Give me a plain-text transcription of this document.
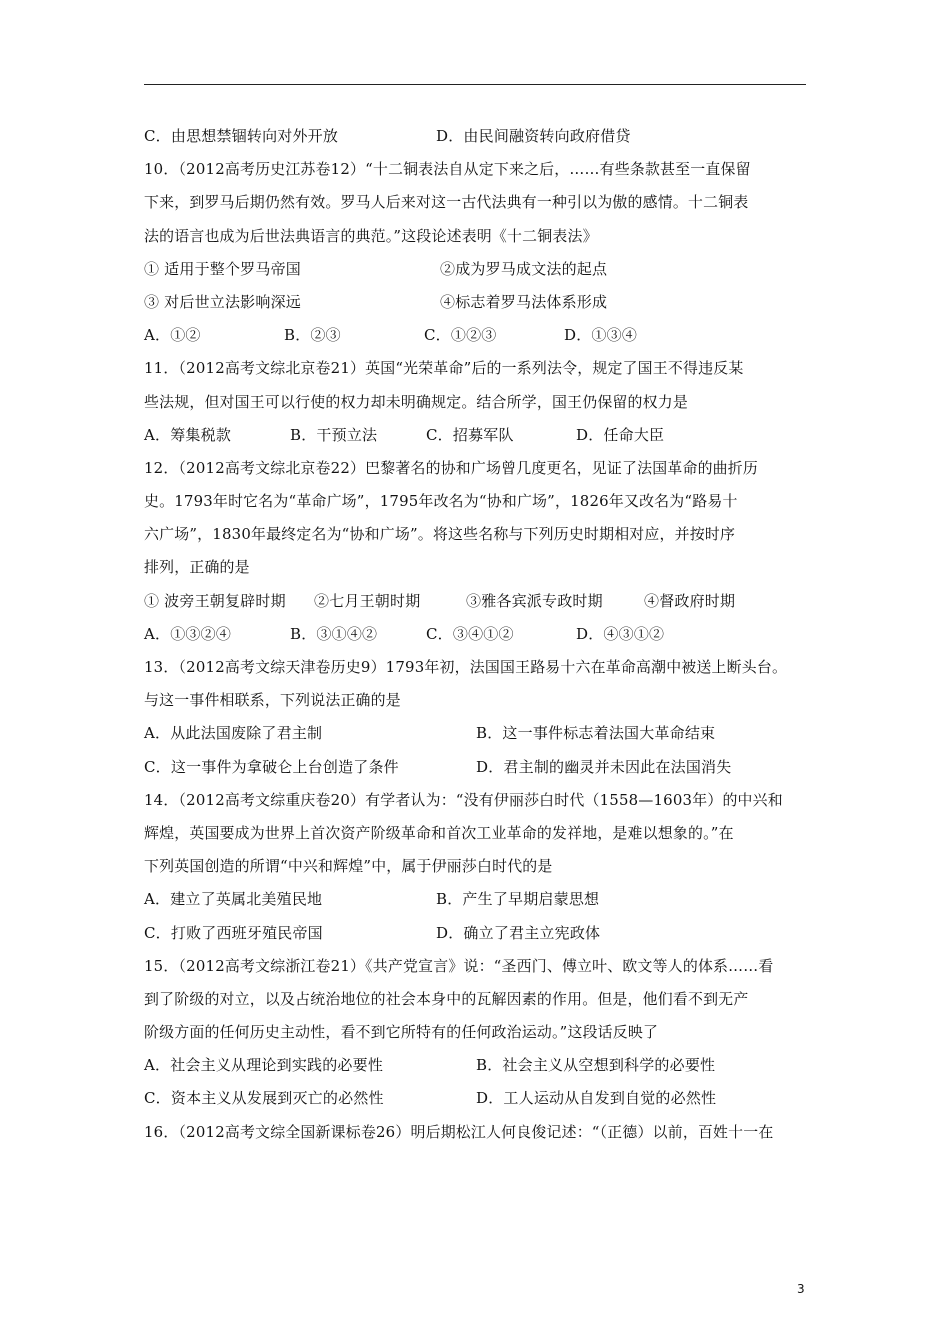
C．由思想禁锢转向对外开放	D．由民间融资转向政府借贷
10．（2012高考历史江苏卷12）“十二铜表法自从定下来之后，……有些条款甚至一直保留
下来，到罗马后期仍然有效。罗马人后来对这一古代法典有一种引以为傲的感情。十二铜表
法的语言也成为后世法典语言的典范。”这段论述表明《十二铜表法》
① 适用于整个罗马帝国	②成为罗马成文法的起点
③ 对后世立法影响深远	④标志着罗马法体系形成
A．①②	B．②③	C．①②③	D．①③④
11．（2012高考文综北京卷21）英国“光荣革命”后的一系列法令，规定了国王不得违反某
些法规，但对国王可以行使的权力却未明确规定。结合所学，国王仍保留的权力是
A．筹集税款	B．干预立法	C．招募军队	D．任命大臣
12．（2012高考文综北京卷22）巴黎著名的协和广场曾几度更名，见证了法国革命的曲折历
史。1793年时它名为“革命广场”，1795年改名为“协和广场”，1826年又改名为“路易十
六广场”，1830年最终定名为“协和广场”。将这些名称与下列历史时期相对应，并按时序
排列，正确的是
① 波旁王朝复辟时期	②七月王朝时期	③雅各宾派专政时期	④督政府时期
A．①③②④	B．③①④②	C．③④①②	D．④③①②
13．（2012高考文综天津卷历史9）1793年初，法国国王路易十六在革命高潮中被送上断头台。
与这一事件相联系，下列说法正确的是
A．从此法国废除了君主制	B．这一事件标志着法国大革命结束
C．这一事件为拿破仑上台创造了条件	D．君主制的幽灵并未因此在法国消失
14．（2012高考文综重庆卷20）有学者认为：“没有伊丽莎白时代（1558—1603年）的中兴和
辉煌，英国要成为世界上首次资产阶级革命和首次工业革命的发祥地，是难以想象的。”在
下列英国创造的所谓“中兴和辉煌”中，属于伊丽莎白时代的是
A．建立了英属北美殖民地	B．产生了早期启蒙思想
C．打败了西班牙殖民帝国	D．确立了君主立宪政体
15．（2012高考文综浙江卷21）《共产党宣言》说：“圣西门、傅立叶、欧文等人的体系……看
到了阶级的对立，以及占统治地位的社会本身中的瓦解因素的作用。但是，他们看不到无产
阶级方面的任何历史主动性，看不到它所特有的任何政治运动。”这段话反映了
A．社会主义从理论到实践的必要性	B．社会主义从空想到科学的必要性
C．资本主义从发展到灭亡的必然性	D．工人运动从自发到自觉的必然性
16．（2012高考文综全国新课标卷26）明后期松江人何良俊记述：“（正德）以前，百姓十一在
3
